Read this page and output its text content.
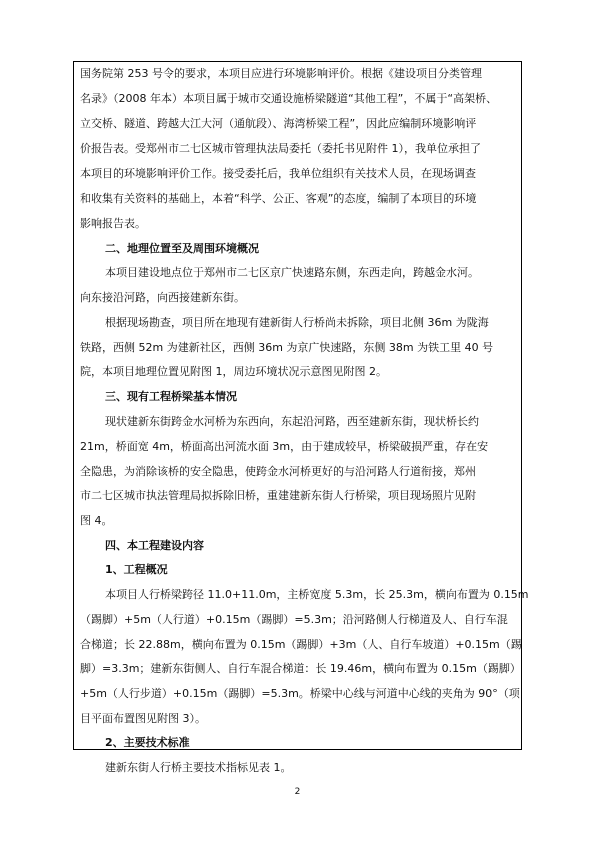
国务院第 253 号令的要求，本项目应进行环境影响评价。根据《建设项目分类管理
名录》（2008 年本）本项目属于城市交通设施桥梁隧道“其他工程”，不属于“高架桥、
立交桥、隧道、跨越大江大河（通航段）、海湾桥梁工程”，因此应编制环境影响评
价报告表。受郑州市二七区城市管理执法局委托（委托书见附件 1），我单位承担了
本项目的环境影响评价工作。接受委托后，我单位组织有关技术人员，在现场调查
和收集有关资料的基础上，本着“科学、公正、客观”的态度，编制了本项目的环境
影响报告表。
二、地理位置至及周围环境概况
本项目建设地点位于郑州市二七区京广快速路东侧，东西走向，跨越金水河。
向东接沿河路，向西接建新东街。
根据现场勘查，项目所在地现有建新街人行桥尚未拆除，项目北侧 36m 为陇海
铁路，西侧 52m 为建新社区，西侧 36m 为京广快速路，东侧 38m 为铁工里 40 号
院，本项目地理位置见附图 1，周边环境状况示意图见附图 2。
三、现有工程桥梁基本情况
现状建新东街跨金水河桥为东西向，东起沿河路，西至建新东街，现状桥长约
21m，桥面宽 4m，桥面高出河流水面 3m，由于建成较早，桥梁破损严重，存在安
全隐患，为消除该桥的安全隐患，使跨金水河桥更好的与沿河路人行道衔接，郑州
市二七区城市执法管理局拟拆除旧桥，重建建新东街人行桥梁，项目现场照片见附
图 4。
四、本工程建设内容
1、工程概况
本项目人行桥梁跨径 11.0+11.0m，主桥宽度 5.3m，长 25.3m，横向布置为 0.15m
（踢脚）+5m（人行道）+0.15m（踢脚）=5.3m；沿河路侧人行梯道及人、自行车混
合梯道；长 22.88m，横向布置为 0.15m（踢脚）+3m（人、自行车坡道）+0.15m（踢
脚）=3.3m；建新东街侧人、自行车混合梯道：长 19.46m，横向布置为 0.15m（踢脚）
+5m（人行步道）+0.15m（踢脚）=5.3m。桥梁中心线与河道中心线的夹角为 90°（项
目平面布置图见附图 3）。
2、主要技术标准
建新东街人行桥主要技术指标见表 1。
2
